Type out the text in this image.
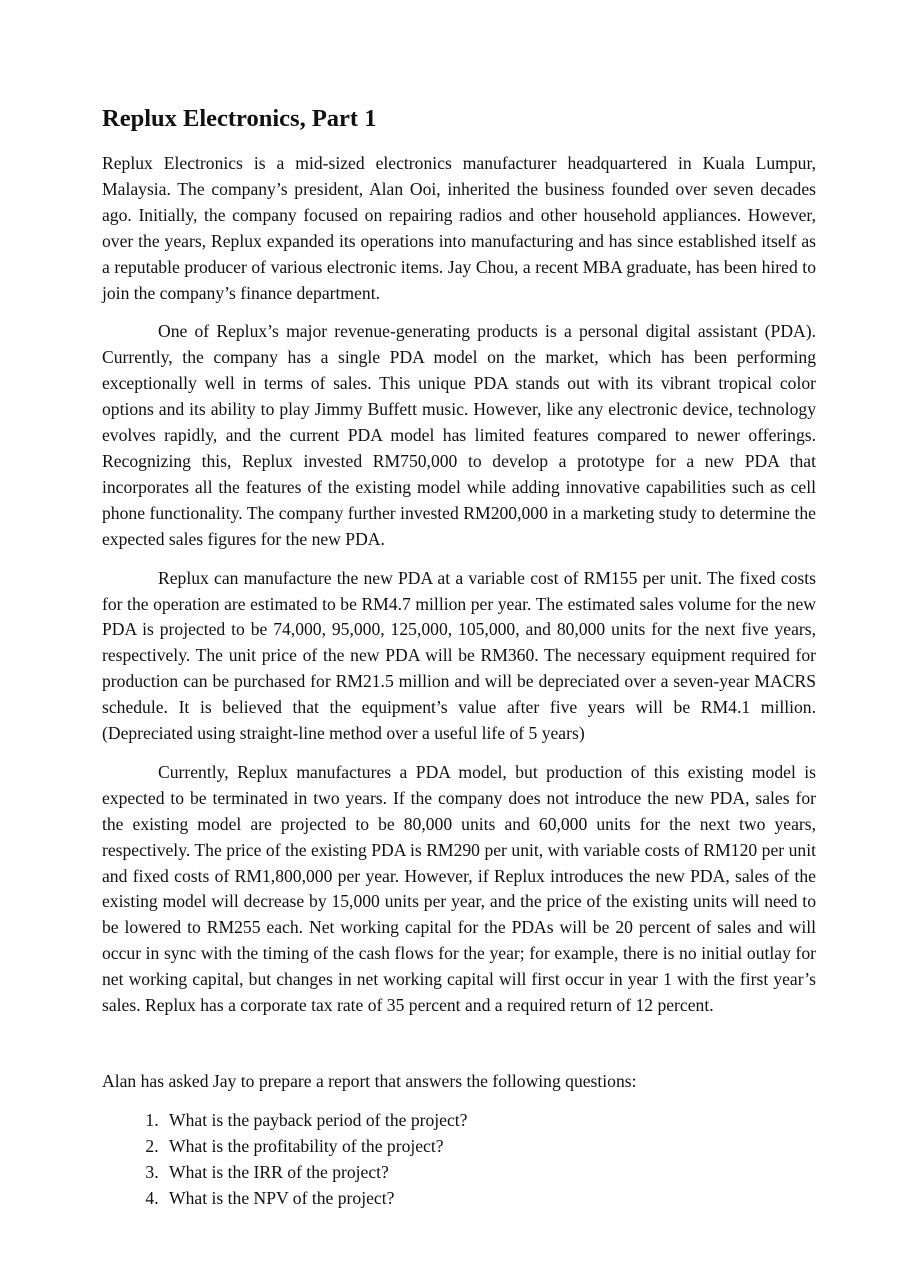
Replux Electronics, Part 1

Replux Electronics is a mid-sized electronics manufacturer headquartered in Kuala Lumpur, Malaysia. The company’s president, Alan Ooi, inherited the business founded over seven decades ago. Initially, the company focused on repairing radios and other household appliances. However, over the years, Replux expanded its operations into manufacturing and has since established itself as a reputable producer of various electronic items. Jay Chou, a recent MBA graduate, has been hired to join the company’s finance department.

One of Replux’s major revenue-generating products is a personal digital assistant (PDA). Currently, the company has a single PDA model on the market, which has been performing exceptionally well in terms of sales. This unique PDA stands out with its vibrant tropical color options and its ability to play Jimmy Buffett music. However, like any electronic device, technology evolves rapidly, and the current PDA model has limited features compared to newer offerings. Recognizing this, Replux invested RM750,000 to develop a prototype for a new PDA that incorporates all the features of the existing model while adding innovative capabilities such as cell phone functionality. The company further invested RM200,000 in a marketing study to determine the expected sales figures for the new PDA.

Replux can manufacture the new PDA at a variable cost of RM155 per unit. The fixed costs for the operation are estimated to be RM4.7 million per year. The estimated sales volume for the new PDA is projected to be 74,000, 95,000, 125,000, 105,000, and 80,000 units for the next five years, respectively. The unit price of the new PDA will be RM360. The necessary equipment required for production can be purchased for RM21.5 million and will be depreciated over a seven-year MACRS schedule. It is believed that the equipment’s value after five years will be RM4.1 million. (Depreciated using straight-line method over a useful life of 5 years)

Currently, Replux manufactures a PDA model, but production of this existing model is expected to be terminated in two years. If the company does not introduce the new PDA, sales for the existing model are projected to be 80,000 units and 60,000 units for the next two years, respectively. The price of the existing PDA is RM290 per unit, with variable costs of RM120 per unit and fixed costs of RM1,800,000 per year. However, if Replux introduces the new PDA, sales of the existing model will decrease by 15,000 units per year, and the price of the existing units will need to be lowered to RM255 each. Net working capital for the PDAs will be 20 percent of sales and will occur in sync with the timing of the cash flows for the year; for example, there is no initial outlay for net working capital, but changes in net working capital will first occur in year 1 with the first year’s sales. Replux has a corporate tax rate of 35 percent and a required return of 12 percent.

Alan has asked Jay to prepare a report that answers the following questions:

1. What is the payback period of the project?
2. What is the profitability of the project?
3. What is the IRR of the project?
4. What is the NPV of the project?
